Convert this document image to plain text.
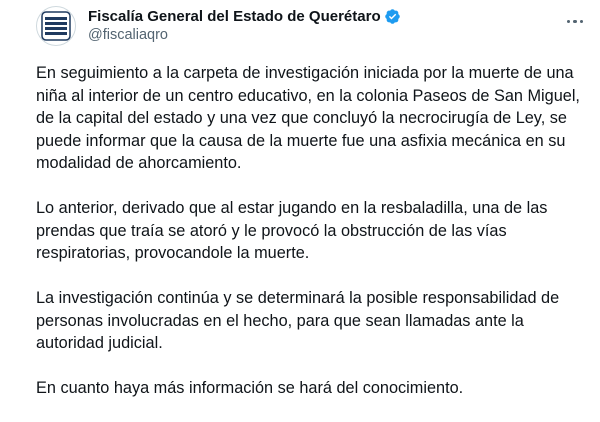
Fiscalía General del Estado de Querétaro
@fiscaliaqro

En seguimiento a la carpeta de investigación iniciada por la muerte de una niña al interior de un centro educativo, en la colonia Paseos de San Miguel, de la capital del estado y una vez que concluyó la necrocirugía de Ley, se puede informar que la causa de la muerte fue una asfixia mecánica en su modalidad de ahorcamiento.

Lo anterior, derivado que al estar jugando en la resbaladilla, una de las prendas que traía se atoró y le provocó la obstrucción de las vías respiratorias, provocandole la muerte.

La investigación continúa y se determinará la posible responsabilidad de personas involucradas en el hecho, para que sean llamadas ante la autoridad judicial.

En cuanto haya más información se hará del conocimiento.
